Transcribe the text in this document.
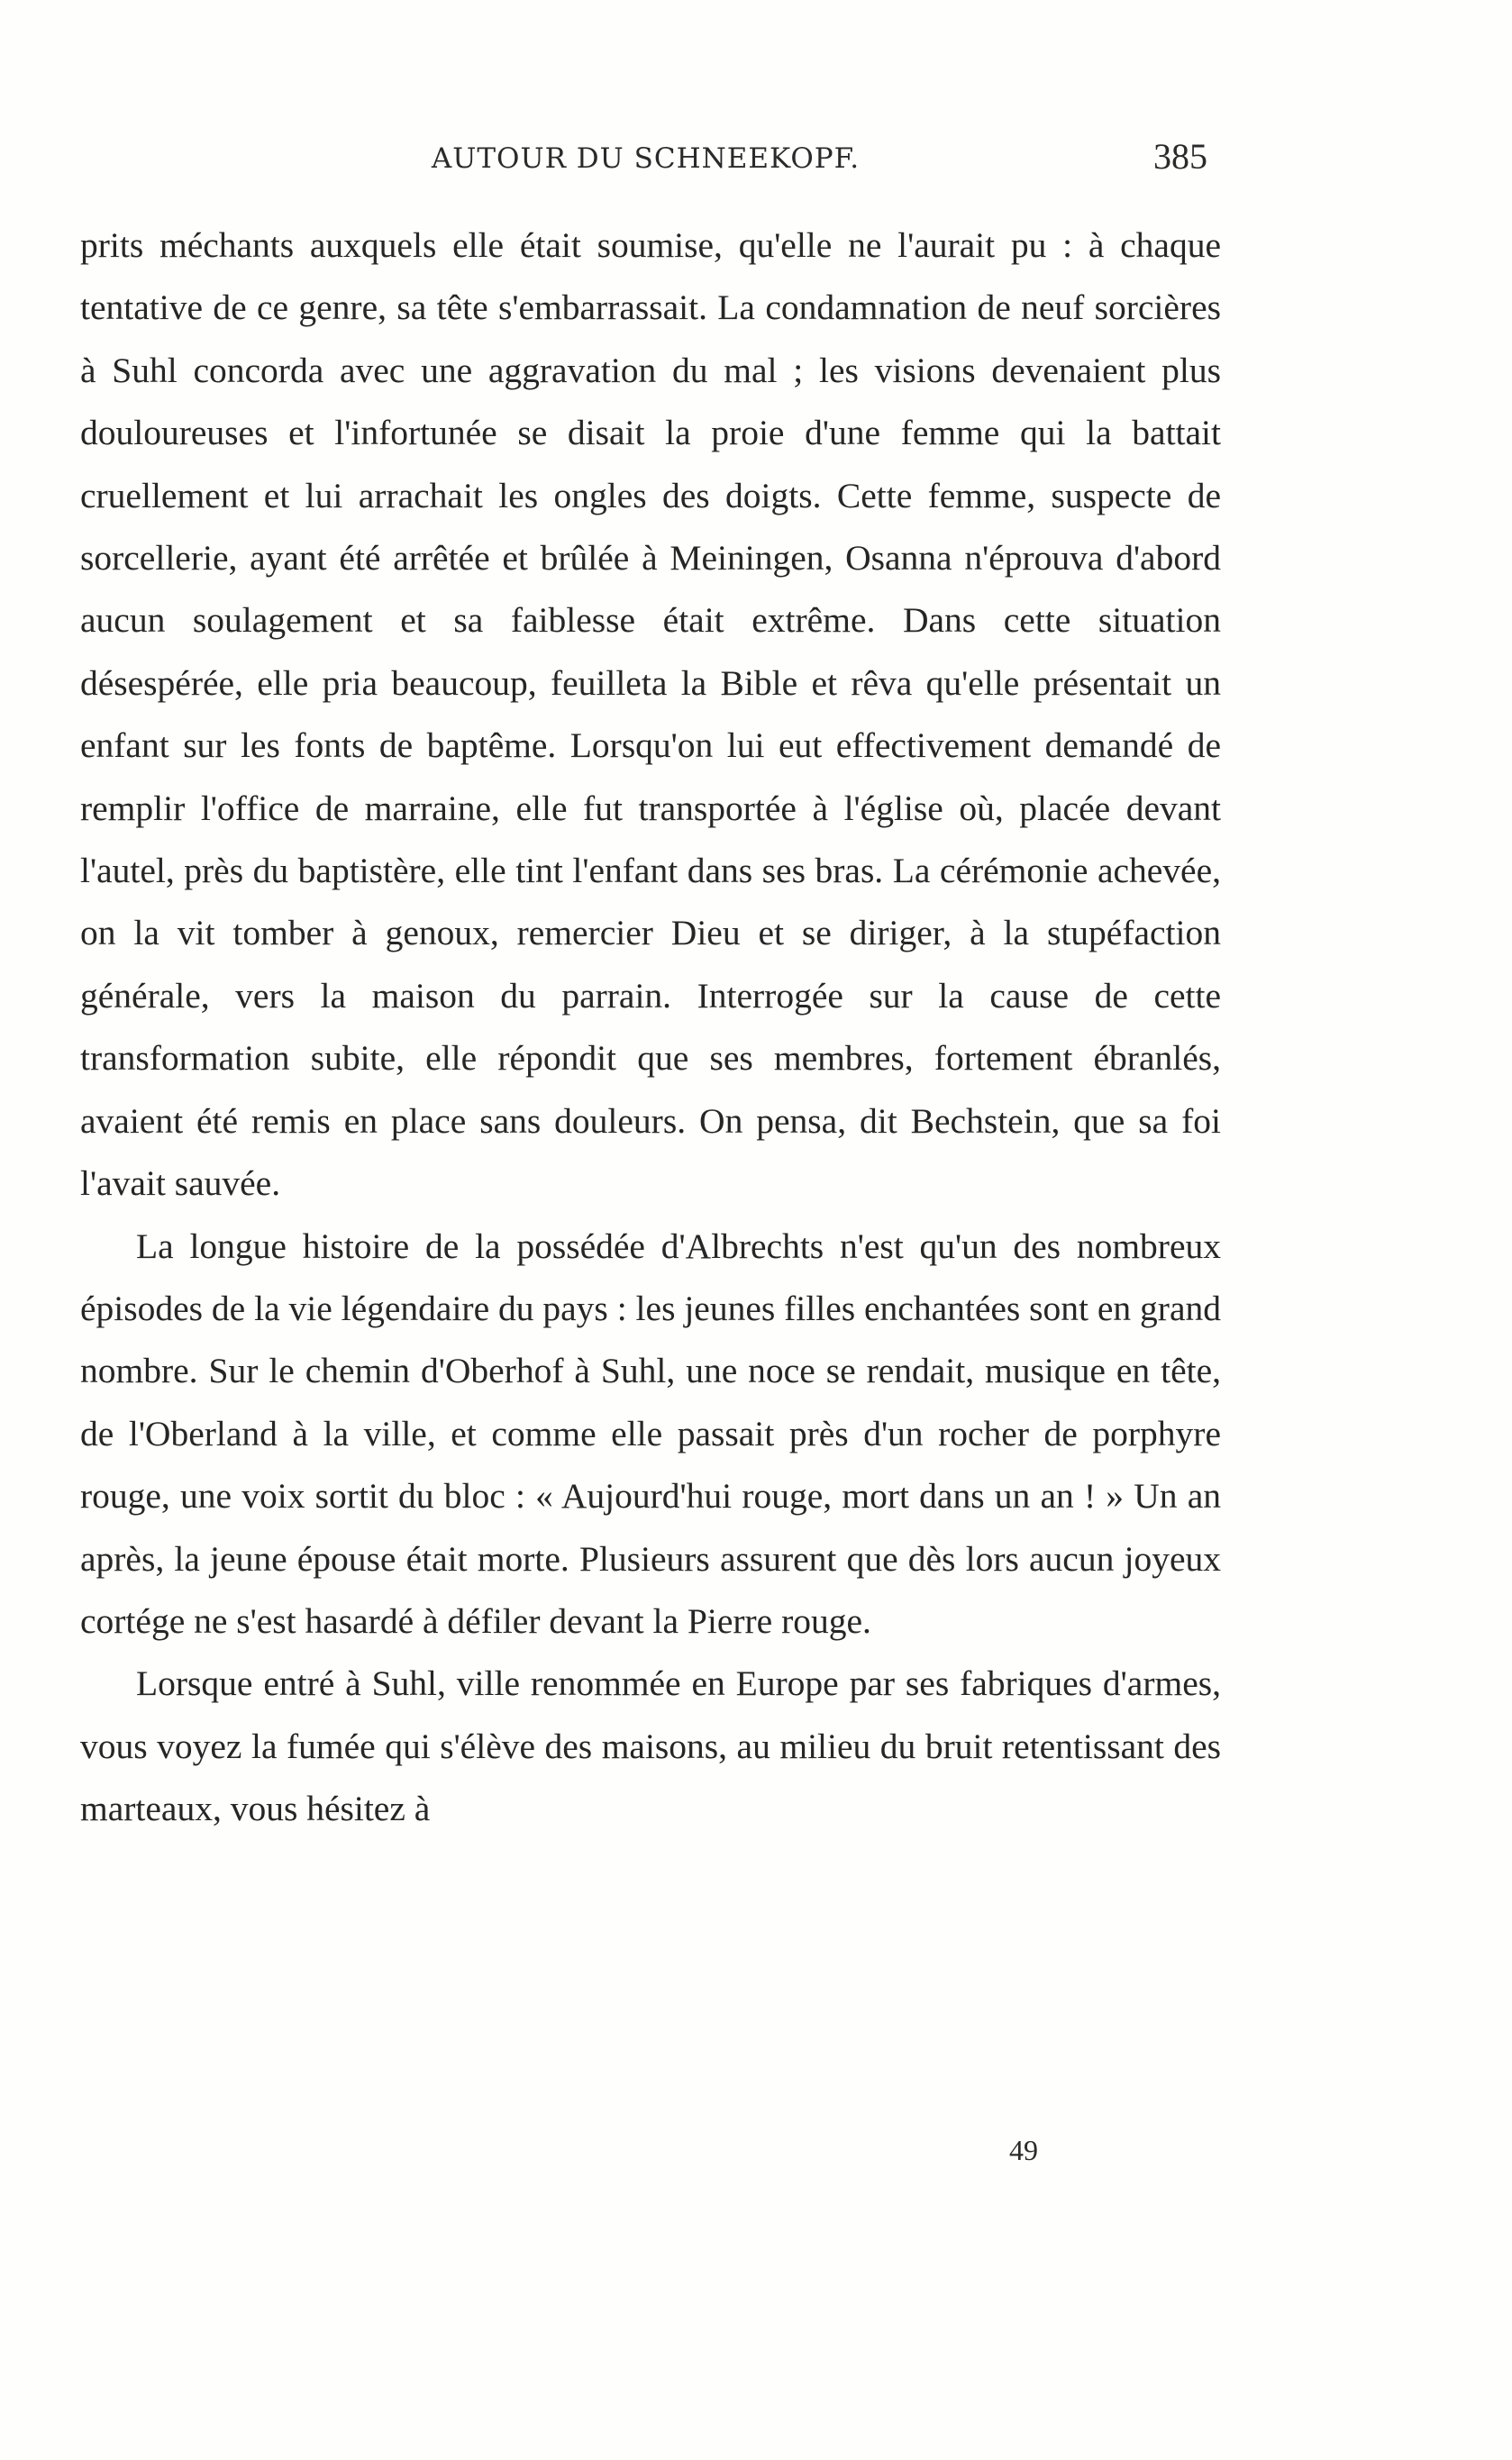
AUTOUR DU SCHNEEKOPF.	385

prits méchants auxquels elle était soumise, qu'elle ne l'aurait pu : à chaque tentative de ce genre, sa tête s'embarrassait. La condamnation de neuf sorcières à Suhl concorda avec une aggravation du mal ; les visions devenaient plus douloureuses et l'infortunée se disait la proie d'une femme qui la battait cruellement et lui arrachait les ongles des doigts. Cette femme, suspecte de sorcellerie, ayant été arrêtée et brûlée à Meiningen, Osanna n'éprouva d'abord aucun soulagement et sa faiblesse était extrême. Dans cette situation désespérée, elle pria beaucoup, feuilleta la Bible et rêva qu'elle présentait un enfant sur les fonts de baptême. Lorsqu'on lui eut effectivement demandé de remplir l'office de marraine, elle fut transportée à l'église où, placée devant l'autel, près du baptistère, elle tint l'enfant dans ses bras. La cérémonie achevée, on la vit tomber à genoux, remercier Dieu et se diriger, à la stupéfaction générale, vers la maison du parrain. Interrogée sur la cause de cette transformation subite, elle répondit que ses membres, fortement ébranlés, avaient été remis en place sans douleurs. On pensa, dit Bechstein, que sa foi l'avait sauvée.

La longue histoire de la possédée d'Albrechts n'est qu'un des nombreux épisodes de la vie légendaire du pays : les jeunes filles enchantées sont en grand nombre. Sur le chemin d'Oberhof à Suhl, une noce se rendait, musique en tête, de l'Oberland à la ville, et comme elle passait près d'un rocher de porphyre rouge, une voix sortit du bloc : « Aujourd'hui rouge, mort dans un an ! » Un an après, la jeune épouse était morte. Plusieurs assurent que dès lors aucun joyeux cortége ne s'est hasardé à défiler devant la Pierre rouge.

Lorsque entré à Suhl, ville renommée en Europe par ses fabriques d'armes, vous voyez la fumée qui s'élève des maisons, au milieu du bruit retentissant des marteaux, vous hésitez à

49
